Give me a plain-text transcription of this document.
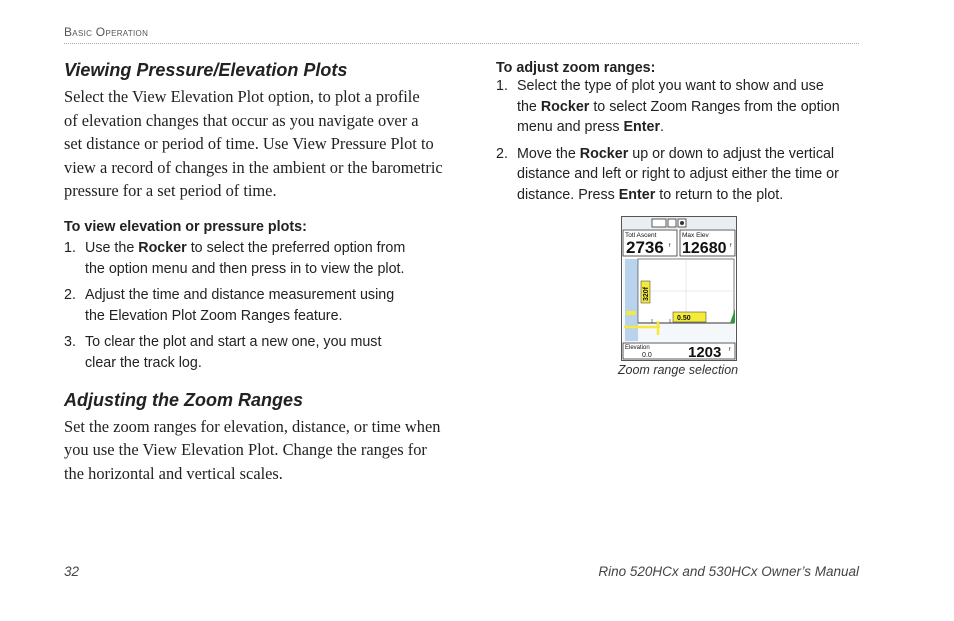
Basic Operation
Viewing Pressure/Elevation Plots

Select the View Elevation Plot option, to plot a profile
of elevation changes that occur as you navigate over a
set distance or period of time. Use View Pressure Plot to
view a record of changes in the ambient or the barometric
pressure for a set period of time.

To view elevation or pressure plots:
1. Use the Rocker to select the preferred option from
the option menu and then press in to view the plot.
2. Adjust the time and distance measurement using
the Elevation Plot Zoom Ranges feature.
3. To clear the plot and start a new one, you must
clear the track log.
Adjusting the Zoom Ranges

Set the zoom ranges for elevation, distance, or time when
you use the View Elevation Plot. Change the ranges for
the horizontal and vertical scales.

To adjust zoom ranges:
1. Select the type of plot you want to show and use
the Rocker to select Zoom Ranges from the option
menu and press Enter.
2. Move the Rocker up or down to adjust the vertical
distance and left or right to adjust either the time or
distance. Press Enter to return to the plot.
Totl Ascent
2736 f
Max Elev
12680 f
320f
0.50
Elevation
0.0 1203 f
Zoom range selection
32	Rino 520HCx and 530HCx Owner’s Manual
